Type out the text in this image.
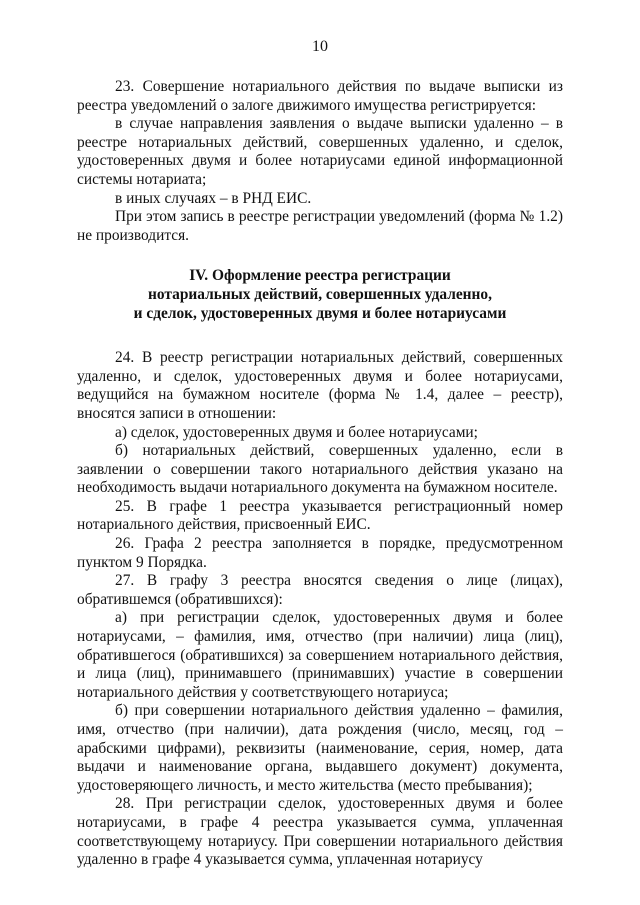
10

23. Совершение нотариального действия по выдаче выписки из реестра уведомлений о залоге движимого имущества регистрируется:

в случае направления заявления о выдаче выписки удаленно – в реестре нотариальных действий, совершенных удаленно, и сделок, удостоверенных двумя и более нотариусами единой информационной системы нотариата;

в иных случаях – в РНД ЕИС.

При этом запись в реестре регистрации уведомлений (форма № 1.2) не производится.

IV. Оформление реестра регистрации
нотариальных действий, совершенных удаленно,
и сделок, удостоверенных двумя и более нотариусами

24. В реестр регистрации нотариальных действий, совершенных удаленно, и сделок, удостоверенных двумя и более нотариусами, ведущийся на бумажном носителе (форма № 1.4, далее – реестр), вносятся записи в отношении:

а) сделок, удостоверенных двумя и более нотариусами;

б) нотариальных действий, совершенных удаленно, если в заявлении о совершении такого нотариального действия указано на необходимость выдачи нотариального документа на бумажном носителе.

25. В графе 1 реестра указывается регистрационный номер нотариального действия, присвоенный ЕИС.

26. Графа 2 реестра заполняется в порядке, предусмотренном пунктом 9 Порядка.

27. В графу 3 реестра вносятся сведения о лице (лицах), обратившемся (обратившихся):

а) при регистрации сделок, удостоверенных двумя и более нотариусами, – фамилия, имя, отчество (при наличии) лица (лиц), обратившегося (обратившихся) за совершением нотариального действия, и лица (лиц), принимавшего (принимавших) участие в совершении нотариального действия у соответствующего нотариуса;

б) при совершении нотариального действия удаленно – фамилия, имя, отчество (при наличии), дата рождения (число, месяц, год – арабскими цифрами), реквизиты (наименование, серия, номер, дата выдачи и наименование органа, выдавшего документ) документа, удостоверяющего личность, и место жительства (место пребывания);

28. При регистрации сделок, удостоверенных двумя и более нотариусами, в графе 4 реестра указывается сумма, уплаченная соответствующему нотариусу. При совершении нотариального действия удаленно в графе 4 указывается сумма, уплаченная нотариусу
